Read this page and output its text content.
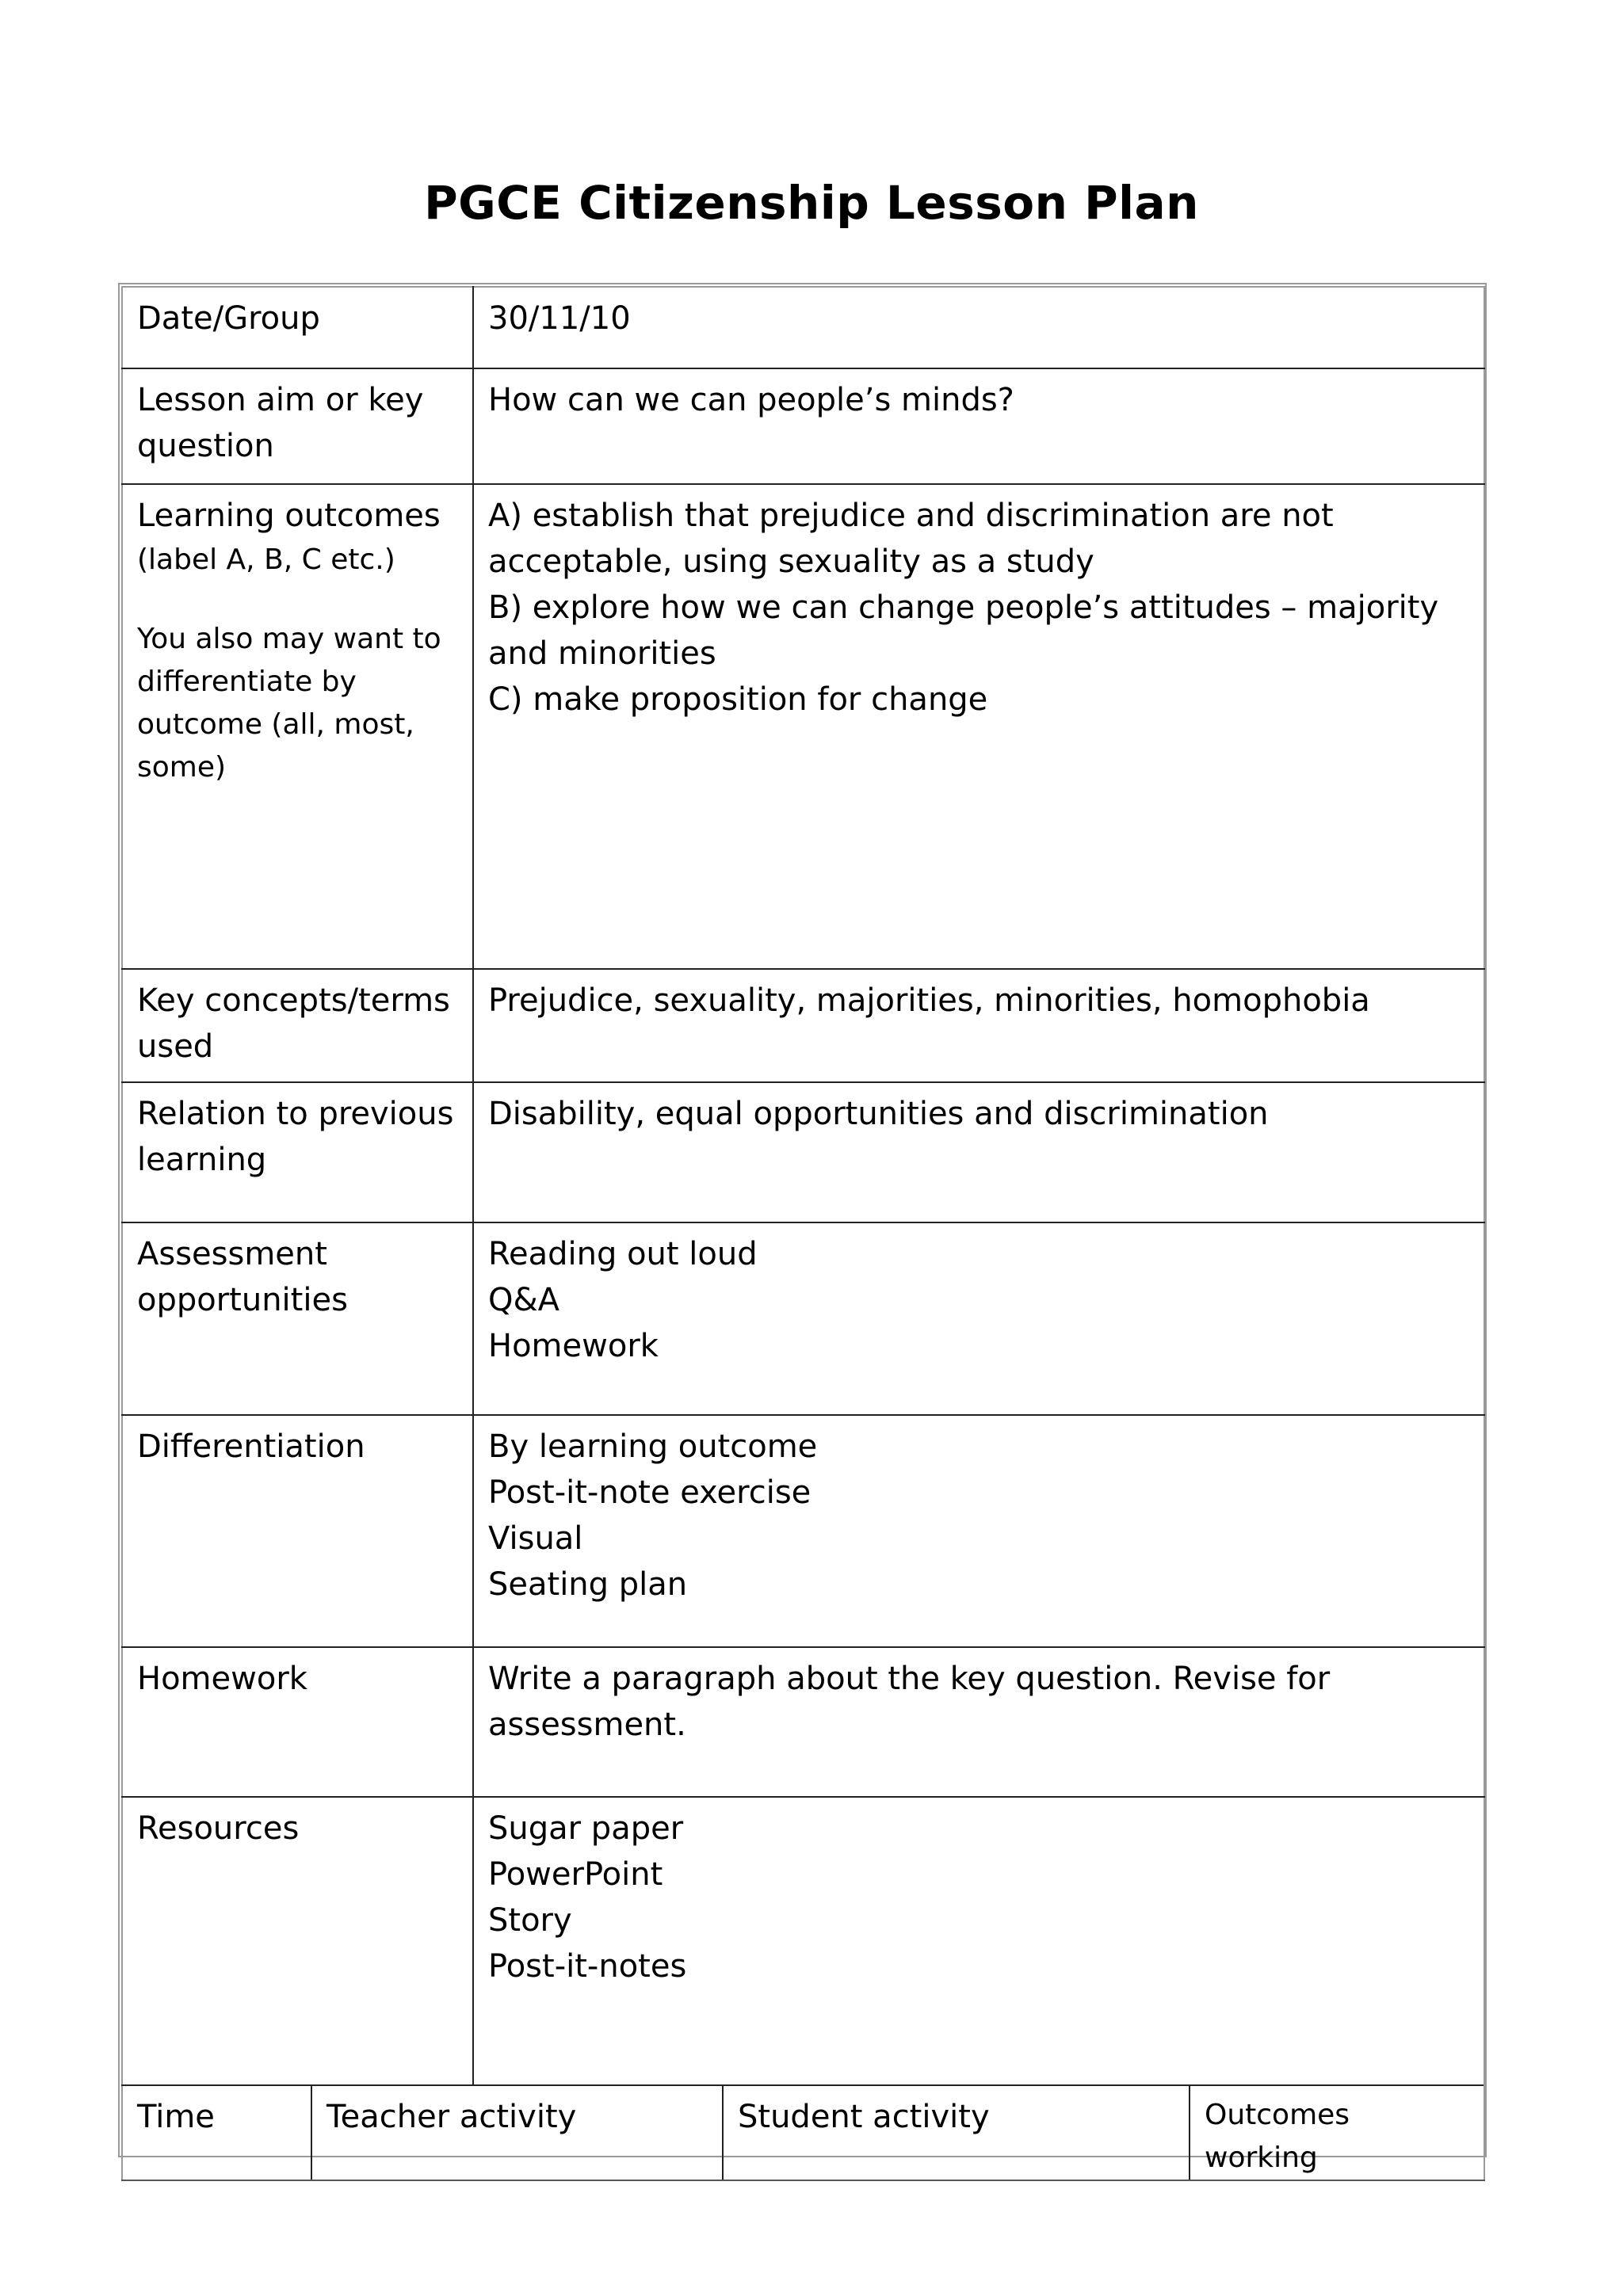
PGCE Citizenship Lesson Plan
Date/Group	30/11/10
Lesson aim or key question	How can we can people’s minds?

Learning outcomes
(label A, B, C etc.)
You also may want to differentiate by outcome (all, most, some)	A) establish that prejudice and discrimination are not acceptable, using sexuality as a study
B) explore how we can change people’s attitudes – majority and minorities
C) make proposition for change

Key concepts/terms used	Prejudice, sexuality, majorities, minorities, homophobia
Relation to previous learning	Disability, equal opportunities and discrimination
Assessment opportunities	Reading out loud
Q&A
Homework

Differentiation	By learning outcome
Post-it-note exercise
Visual
Seating plan

Homework	Write a paragraph about the key question. Revise for assessment.
Resources	Sugar paper
PowerPoint
Story
Post-it-notes
Time	Teacher activity	Student activity	Outcomes working
